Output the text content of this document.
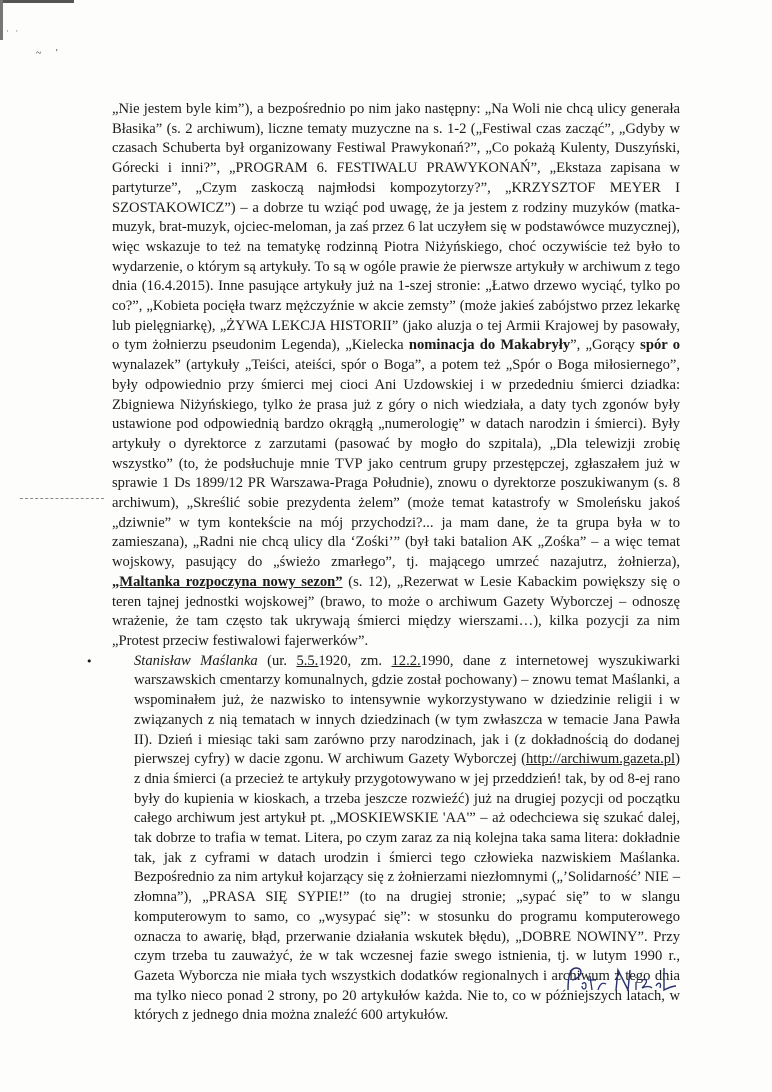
· ·
~ '

„Nie jestem byle kim”), a bezpośrednio po nim jako następny: „Na Woli nie chcą ulicy generała Błasika” (s. 2 archiwum), liczne tematy muzyczne na s. 1-2 („Festiwal czas zacząć”, „Gdyby w czasach Schuberta był organizowany Festiwal Prawykonań?”, „Co pokażą Kulenty, Duszyński, Górecki i inni?”, „PROGRAM 6. FESTIWALU PRAWYKONAŃ”, „Ekstaza zapisana w partyturze”, „Czym zaskoczą najmłodsi kompozytorzy?”, „KRZYSZTOF MEYER I SZOSTAKOWICZ”) – a dobrze tu wziąć pod uwagę, że ja jestem z rodziny muzyków (matka-muzyk, brat-muzyk, ojciec-meloman, ja zaś przez 6 lat uczyłem się w podstawówce muzycznej), więc wskazuje to też na tematykę rodzinną Piotra Niżyńskiego, choć oczywiście też było to wydarzenie, o którym są artykuły. To są w ogóle prawie że pierwsze artykuły w archiwum z tego dnia (16.4.2015). Inne pasujące artykuły już na 1-szej stronie: „Łatwo drzewo wyciąć, tylko po co?”, „Kobieta pocięła twarz mężczyźnie w akcie zemsty” (może jakieś zabójstwo przez lekarkę lub pielęgniarkę), „ŻYWA LEKCJA HISTORII” (jako aluzja o tej Armii Krajowej by pasowały, o tym żołnierzu pseudonim Legenda), „Kielecka nominacja do Makabryły”, „Gorący spór o wynalazek” (artykuły „Teiści, ateiści, spór o Boga”, a potem też „Spór o Boga miłosiernego”, były odpowiednio przy śmierci mej cioci Ani Uzdowskiej i w przededniu śmierci dziadka: Zbigniewa Niżyńskiego, tylko że prasa już z góry o nich wiedziała, a daty tych zgonów były ustawione pod odpowiednią bardzo okrągłą „numerologię” w datach narodzin i śmierci). Były artykuły o dyrektorce z zarzutami (pasować by mogło do szpitala), „Dla telewizji zrobię wszystko” (to, że podsłuchuje mnie TVP jako centrum grupy przestępczej, zgłaszałem już w sprawie 1 Ds 1899/12 PR Warszawa-Praga Południe), znowu o dyrektorze poszukiwanym (s. 8 archiwum), „Skreślić sobie prezydenta żelem” (może temat katastrofy w Smoleńsku jakoś „dziwnie” w tym kontekście na mój przychodzi?... ja mam dane, że ta grupa była w to zamieszana), „Radni nie chcą ulicy dla ‘Zośki’” (był taki batalion AK „Zośka” – a więc temat wojskowy, pasujący do „świeżo zmarłego”, tj. mającego umrzeć nazajutrz, żołnierza), „Maltanka rozpoczyna nowy sezon” (s. 12), „Rezerwat w Lesie Kabackim powiększy się o teren tajnej jednostki wojskowej” (brawo, to może o archiwum Gazety Wyborczej – odnoszę wrażenie, że tam często tak ukrywają śmierci między wierszami…), kilka pozycji za nim „Protest przeciw festiwalowi fajerwerków”.

•	Stanisław Maślanka (ur. 5.5.1920, zm. 12.2.1990, dane z internetowej wyszukiwarki warszawskich cmentarzy komunalnych, gdzie został pochowany) – znowu temat Maślanki, a wspominałem już, że nazwisko to intensywnie wykorzystywano w dziedzinie religii i w związanych z nią tematach w innych dziedzinach (w tym zwłaszcza w temacie Jana Pawła II). Dzień i miesiąc taki sam zarówno przy narodzinach, jak i (z dokładnością do dodanej pierwszej cyfry) w dacie zgonu. W archiwum Gazety Wyborczej (http://archiwum.gazeta.pl) z dnia śmierci (a przecież te artykuły przygotowywano w jej przeddzień! tak, by od 8-ej rano były do kupienia w kioskach, a trzeba jeszcze rozwieźć) już na drugiej pozycji od początku całego archiwum jest artykuł pt. „MOSKIEWSKIE 'AA'” – aż odechciewa się szukać dalej, tak dobrze to trafia w temat. Litera, po czym zaraz za nią kolejna taka sama litera: dokładnie tak, jak z cyframi w datach urodzin i śmierci tego człowieka nazwiskiem Maślanka. Bezpośrednio za nim artykuł kojarzący się z żołnierzami niezłomnymi („’Solidarność’ NIE – złomna”), „PRASA SIĘ SYPIE!” (to na drugiej stronie; „sypać się” to w slangu komputerowym to samo, co „wysypać się”: w stosunku do programu komputerowego oznacza to awarię, błąd, przerwanie działania wskutek błędu), „DOBRE NOWINY”. Przy czym trzeba tu zauważyć, że w tak wczesnej fazie swego istnienia, tj. w lutym 1990 r., Gazeta Wyborcza nie miała tych wszystkich dodatków regionalnych i archiwum z tego dnia ma tylko nieco ponad 2 strony, po 20 artykułów każda. Nie to, co w późniejszych latach, w których z jednego dnia można znaleźć 600 artykułów.
